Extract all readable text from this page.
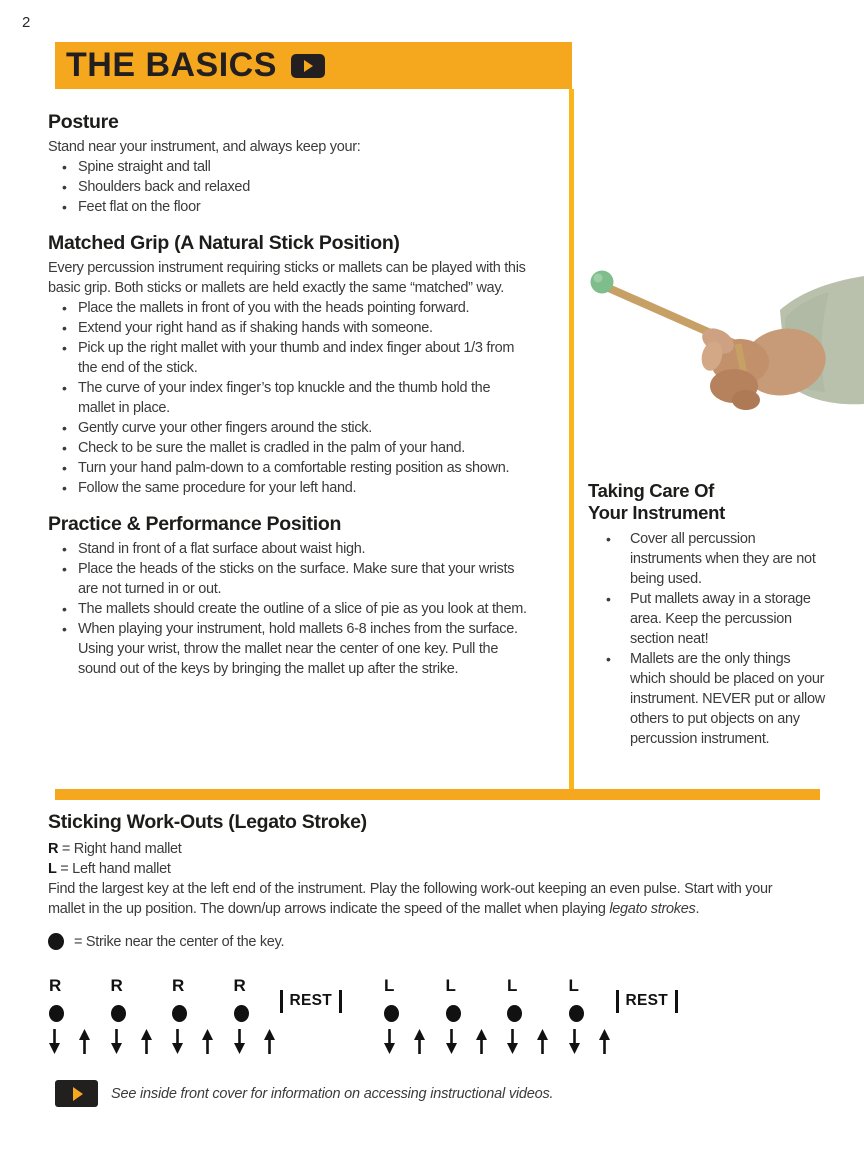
2
THE BASICS
Posture
Stand near your instrument, and always keep your:
• Spine straight and tall
• Shoulders back and relaxed
• Feet flat on the floor
Matched Grip (A Natural Stick Position)
Every percussion instrument requiring sticks or mallets can be played with this
basic grip. Both sticks or mallets are held exactly the same “matched” way.
• Place the mallets in front of you with the heads pointing forward.
• Extend your right hand as if shaking hands with someone.
• Pick up the right mallet with your thumb and index finger about 1/3 from
the end of the stick.
• The curve of your index finger’s top knuckle and the thumb hold the
mallet in place.
• Gently curve your other fingers around the stick.
• Check to be sure the mallet is cradled in the palm of your hand.
• Turn your hand palm-down to a comfortable resting position as shown.
• Follow the same procedure for your left hand.
Practice & Performance Position
• Stand in front of a flat surface about waist high.
• Place the heads of the sticks on the surface. Make sure that your wrists
are not turned in or out.
• The mallets should create the outline of a slice of pie as you look at them.
• When playing your instrument, hold mallets 6-8 inches from the surface.
Using your wrist, throw the mallet near the center of one key. Pull the
sound out of the keys by bringing the mallet up after the strike.
Taking Care Of
Your Instrument
• Cover all percussion
instruments when they are not
being used.
• Put mallets away in a storage
area. Keep the percussion
section neat!
• Mallets are the only things
which should be placed on your
instrument. NEVER put or allow
others to put objects on any
percussion instrument.
Sticking Work-Outs (Legato Stroke)
R = Right hand mallet
L = Left hand mallet
Find the largest key at the left end of the instrument. Play the following work-out keeping an even pulse. Start with your
mallet in the up position. The down/up arrows indicate the speed of the mallet when playing legato strokes.
= Strike near the center of the key.
R	R	R	R
REST
L	L	L	L
REST
See inside front cover for information on accessing instructional videos.
